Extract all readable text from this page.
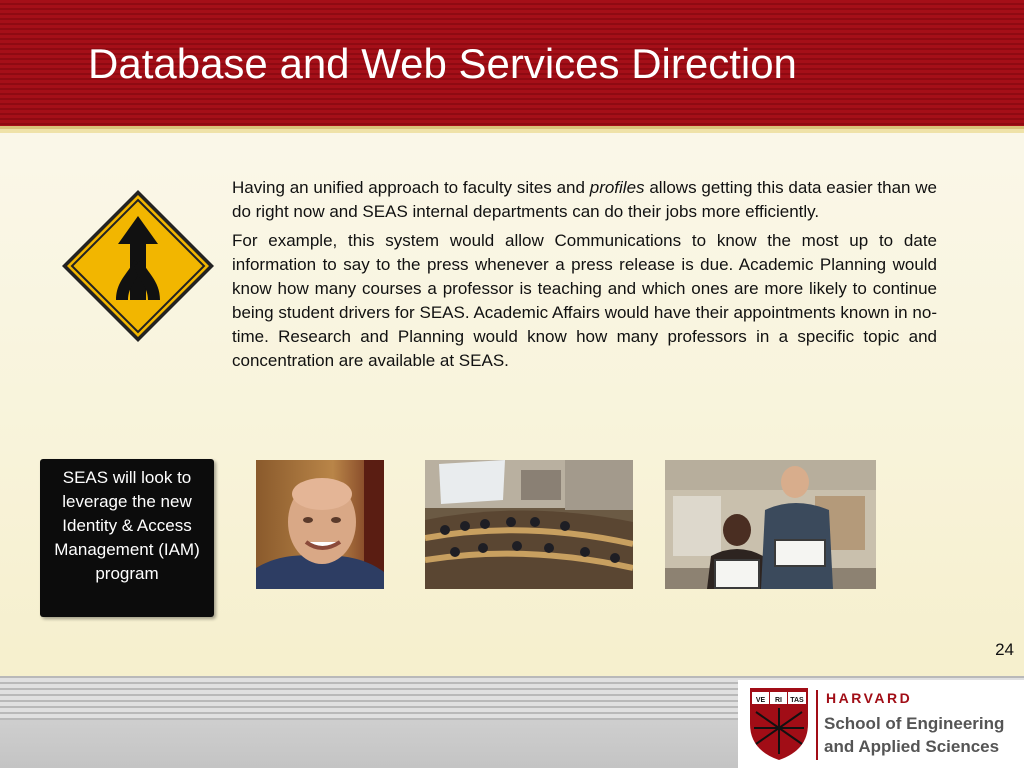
Database and Web Services Direction

Having an unified approach to faculty sites and profiles allows getting this data easier than we do right now and SEAS internal departments can do their jobs more efficiently.

For example, this system would allow Communications to know the most up to date information to say to the press whenever a press release is due. Academic Planning would know how many courses a professor is teaching and which ones are more likely to continue being student drivers for SEAS. Academic Affairs would have their appointments known in no-time. Research and Planning would know how many professors in a specific topic and concentration are available at SEAS.

SEAS will look to leverage the new Identity & Access Management (IAM) program
24
VE RI TAS HARVARD
School of Engineering
and Applied Sciences
